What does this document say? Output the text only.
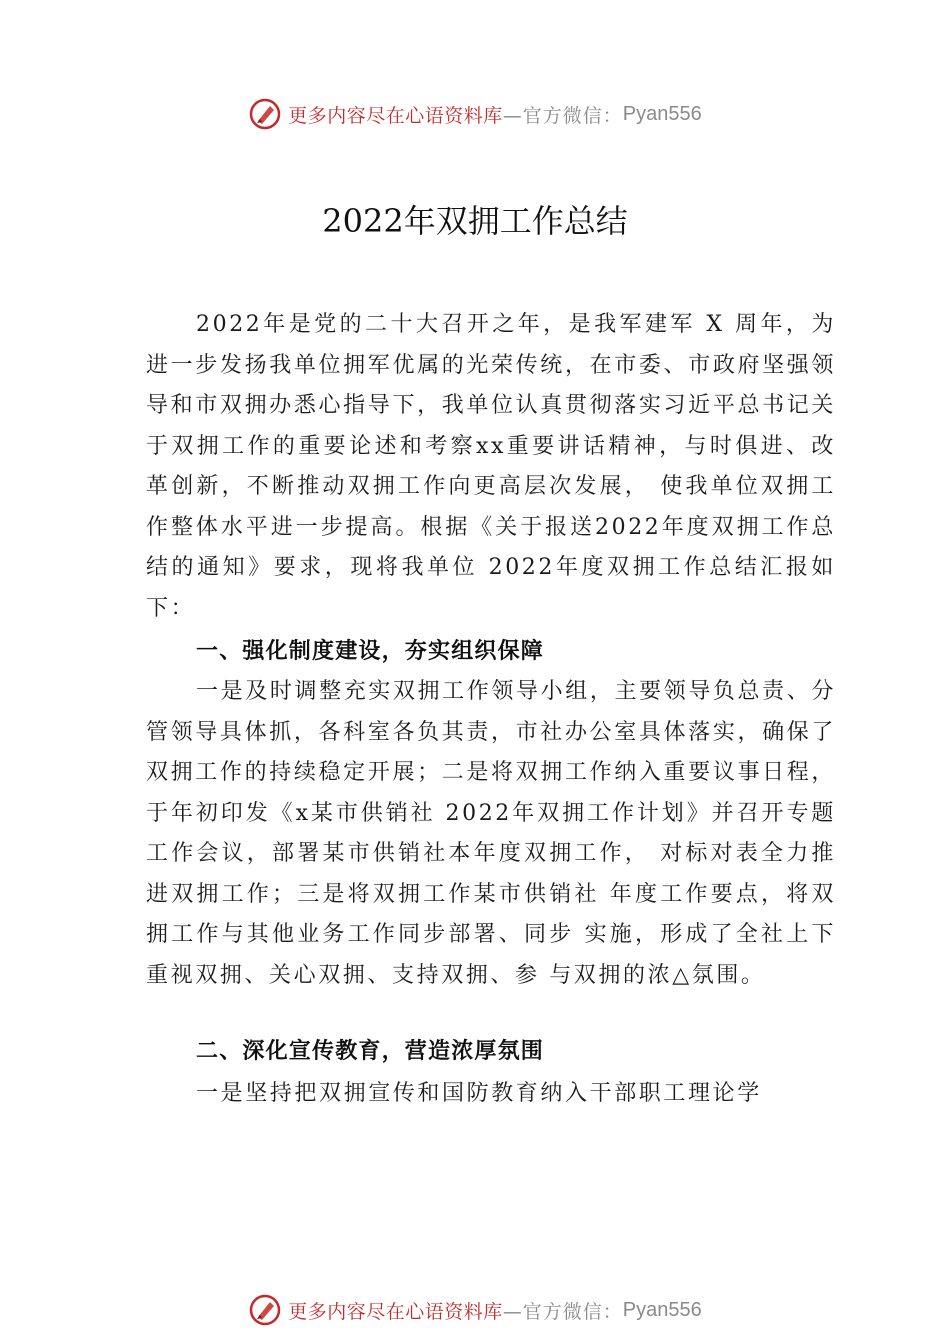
更多内容尽在心语资料库 —官方微信： Pyan556
2022年双拥工作总结

2022年是党的二十大召开之年，是我军建军 X 周年，为进一步发扬我单位拥军优属的光荣传统，在市委、市政府坚强领导和市双拥办悉心指导下，我单位认真贯彻落实习近平总书记关于双拥工作的重要论述和考察xx重要讲话精神，与时俱进、改革创新，不断推动双拥工作向更高层次发展， 使我单位双拥工作整体水平进一步提高。根据《关于报送2022年度双拥工作总结的通知》要求，现将我单位 2022年度双拥工作总结汇报如下：

一、强化制度建设，夯实组织保障

一是及时调整充实双拥工作领导小组，主要领导负总责、分管领导具体抓，各科室各负其责，市社办公室具体落实，确保了双拥工作的持续稳定开展；二是将双拥工作纳入重要议事日程，于年初印发《x某市供销社 2022年双拥工作计划》并召开专题工作会议，部署某市供销社本年度双拥工作， 对标对表全力推进双拥工作；三是将双拥工作某市供销社 年度工作要点，将双拥工作与其他业务工作同步部署、同步 实施，形成了全社上下重视双拥、关心双拥、支持双拥、参 与双拥的浓△氛围。

二、深化宣传教育，营造浓厚氛围

一是坚持把双拥宣传和国防教育纳入干部职工理论学

更多内容尽在心语资料库 —官方微信： Pyan556
